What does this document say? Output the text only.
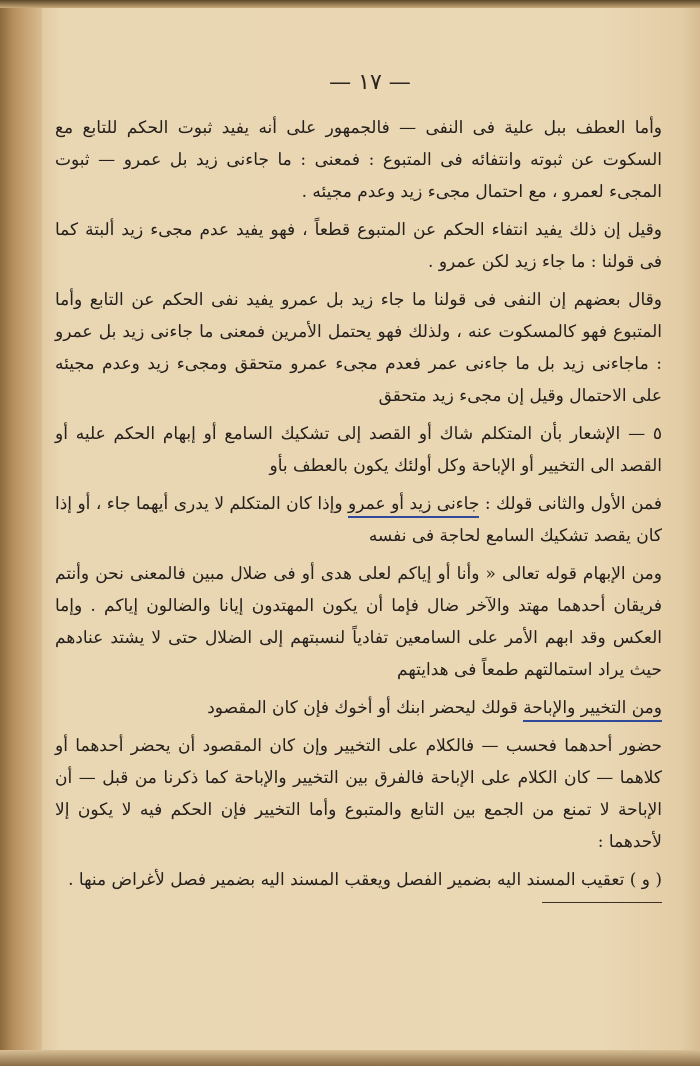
— ١٧ —

وأما العطف ببل علية فى النفى — فالجمهور على أنه يفيد ثبوت الحكم للتابع مع السكوت عن ثبوته وانتفائه فى المتبوع : فمعنى : ما جاءنى زيد بل عمرو — ثبوت المجىء لعمرو ، مع احتمال مجىء زيد وعدم مجيئه .

وقيل إن ذلك يفيد انتفاء الحكم عن المتبوع قطعاً ، فهو يفيد عدم مجىء زيد ألبتة كما فى قولنا : ما جاء زيد لكن عمرو .

وقال بعضهم إن النفى فى قولنا ما جاء زيد بل عمرو يفيد نفى الحكم عن التابع وأما المتبوع فهو كالمسكوت عنه ، ولذلك فهو يحتمل الأمرين فمعنى ما جاءنى زيد بل عمرو : ماجاءنى زيد بل ما جاءنى عمر فعدم مجىء عمرو متحقق ومجىء زيد وعدم مجيئه على الاحتمال وقيل إن مجىء زيد متحقق

٥ — الإشعار بأن المتكلم شاك أو القصد إلى تشكيك السامع أو إبهام الحكم عليه أو القصد الى التخيير أو الإباحة وكل أولئك يكون بالعطف بأو

فمن الأول والثانى قولك : جاءنى زيد أو عمرو وإذا كان المتكلم لا يدرى أيهما جاء ، أو إذا كان يقصد تشكيك السامع لحاجة فى نفسه

ومن الإبهام قوله تعالى « وأنا أو إياكم لعلى هدى أو فى ضلال مبين فالمعنى نحن وأنتم فريقان أحدهما مهتد والآخر ضال فإما أن يكون المهتدون إيانا والضالون إياكم . وإما العكس وقد ابهم الأمر على السامعين تفادياً لنسبتهم إلى الضلال حتى لا يشتد عنادهم حيث يراد استمالتهم طمعاً فى هدايتهم

ومن التخيير والإباحة قولك ليحضر ابنك أو أخوك فإن كان المقصود

حضور أحدهما فحسب — فالكلام على التخيير وإن كان المقصود أن يحضر أحدهما أو كلاهما — كان الكلام على الإباحة فالفرق بين التخيير والإباحة كما ذكرنا من قبل — أن الإباحة لا تمنع من الجمع بين التابع والمتبوع وأما التخيير فإن الحكم فيه لا يكون إلا لأحدهما :

( و ) تعقيب المسند اليه بضمير الفصل ويعقب المسند اليه بضمير فصل لأغراض منها .
